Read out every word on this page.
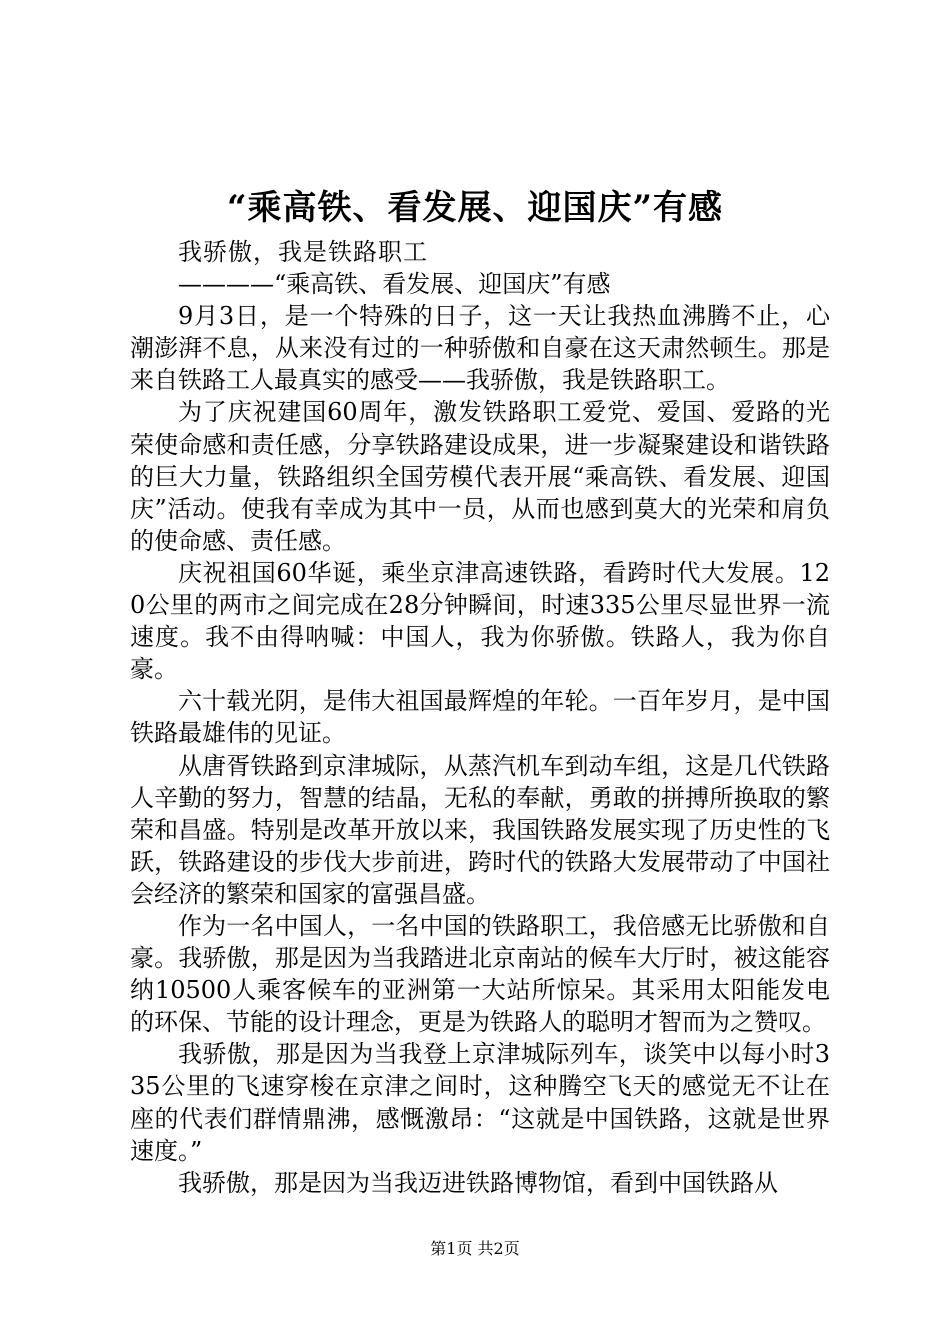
“乘高铁、看发展、迎国庆”有感

我骄傲，我是铁路职工

————“乘高铁、看发展、迎国庆”有感

9月3日，是一个特殊的日子，这一天让我热血沸腾不止，心潮澎湃不息，从来没有过的一种骄傲和自豪在这天肃然顿生。那是来自铁路工人最真实的感受——我骄傲，我是铁路职工。

为了庆祝建国60周年，激发铁路职工爱党、爱国、爱路的光荣使命感和责任感，分享铁路建设成果，进一步凝聚建设和谐铁路的巨大力量，铁路组织全国劳模代表开展“乘高铁、看发展、迎国庆”活动。使我有幸成为其中一员，从而也感到莫大的光荣和肩负的使命感、责任感。

庆祝祖国60华诞，乘坐京津高速铁路，看跨时代大发展。120公里的两市之间完成在28分钟瞬间，时速335公里尽显世界一流速度。我不由得呐喊：中国人，我为你骄傲。铁路人，我为你自豪。

六十载光阴，是伟大祖国最辉煌的年轮。一百年岁月，是中国铁路最雄伟的见证。

从唐胥铁路到京津城际，从蒸汽机车到动车组，这是几代铁路人辛勤的努力，智慧的结晶，无私的奉献，勇敢的拼搏所换取的繁荣和昌盛。特别是改革开放以来，我国铁路发展实现了历史性的飞跃，铁路建设的步伐大步前进，跨时代的铁路大发展带动了中国社会经济的繁荣和国家的富强昌盛。

作为一名中国人，一名中国的铁路职工，我倍感无比骄傲和自豪。我骄傲，那是因为当我踏进北京南站的候车大厅时，被这能容纳10500人乘客候车的亚洲第一大站所惊呆。其采用太阳能发电的环保、节能的设计理念，更是为铁路人的聪明才智而为之赞叹。

我骄傲，那是因为当我登上京津城际列车，谈笑中以每小时335公里的飞速穿梭在京津之间时，这种腾空飞天的感觉无不让在座的代表们群情鼎沸，感慨激昂：“这就是中国铁路，这就是世界速度。”

我骄傲，那是因为当我迈进铁路博物馆，看到中国铁路从

第1页 共2页
